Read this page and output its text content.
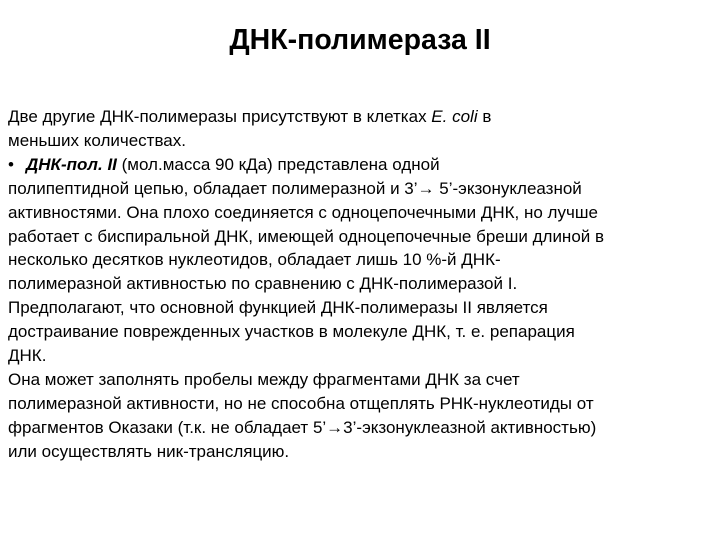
ДНК-полимераза II
Две другие ДНК-полимеразы присутствуют в клетках E. coli в
меньших количествах.
• ДНК-пол. II (мол.масса 90 кДа) представлена одной
полипептидной цепью, обладает полимеразной и 3’→ 5’-экзонуклеазной
активностями. Она плохо соединяется с одноцепочечными ДНК, но лучше
работает с биспиральной ДНК, имеющей одноцепочечные бреши длиной в
несколько десятков нуклеотидов, обладает лишь 10 %-й ДНК-
полимеразной активностью по сравнению с ДНК-полимеразой I.
Предполагают, что основной функцией ДНК-полимеразы II является
достраивание поврежденных участков в молекуле ДНК, т. е. репарация
ДНК.
Она может заполнять пробелы между фрагментами ДНК за счет
полимеразной активности, но не способна отщеплять РНК-нуклеотиды от
фрагментов Оказаки (т.к. не обладает 5’→3’-экзонуклеазной активностью)
или осуществлять ник-трансляцию.
